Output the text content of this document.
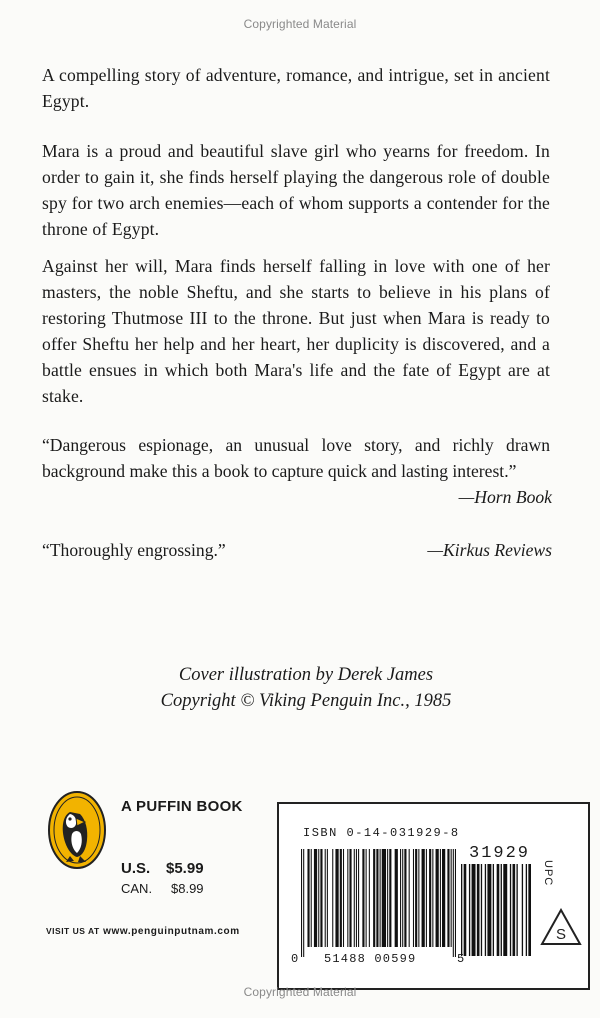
Copyrighted Material
A compelling story of adventure, romance, and intrigue, set in ancient Egypt.
Mara is a proud and beautiful slave girl who yearns for freedom. In order to gain it, she finds herself playing the dangerous role of double spy for two arch enemies—each of whom supports a contender for the throne of Egypt.
Against her will, Mara finds herself falling in love with one of her masters, the noble Sheftu, and she starts to believe in his plans of restoring Thutmose III to the throne. But just when Mara is ready to offer Sheftu her help and her heart, her duplicity is discovered, and a battle ensues in which both Mara's life and the fate of Egypt are at stake.
“Dangerous espionage, an unusual love story, and richly drawn background make this a book to capture quick and lasting interest.”
—Horn Book
“Thoroughly engrossing.”	—Kirkus Reviews
Cover illustration by Derek James
Copyright © Viking Penguin Inc., 1985
A PUFFIN BOOK
U.S. $5.99
CAN. $8.99
VISIT US AT www.penguinputnam.com
ISBN 0-14-031929-8
31929
UPC
0 51488 00599	5
S
Copyrighted Material
